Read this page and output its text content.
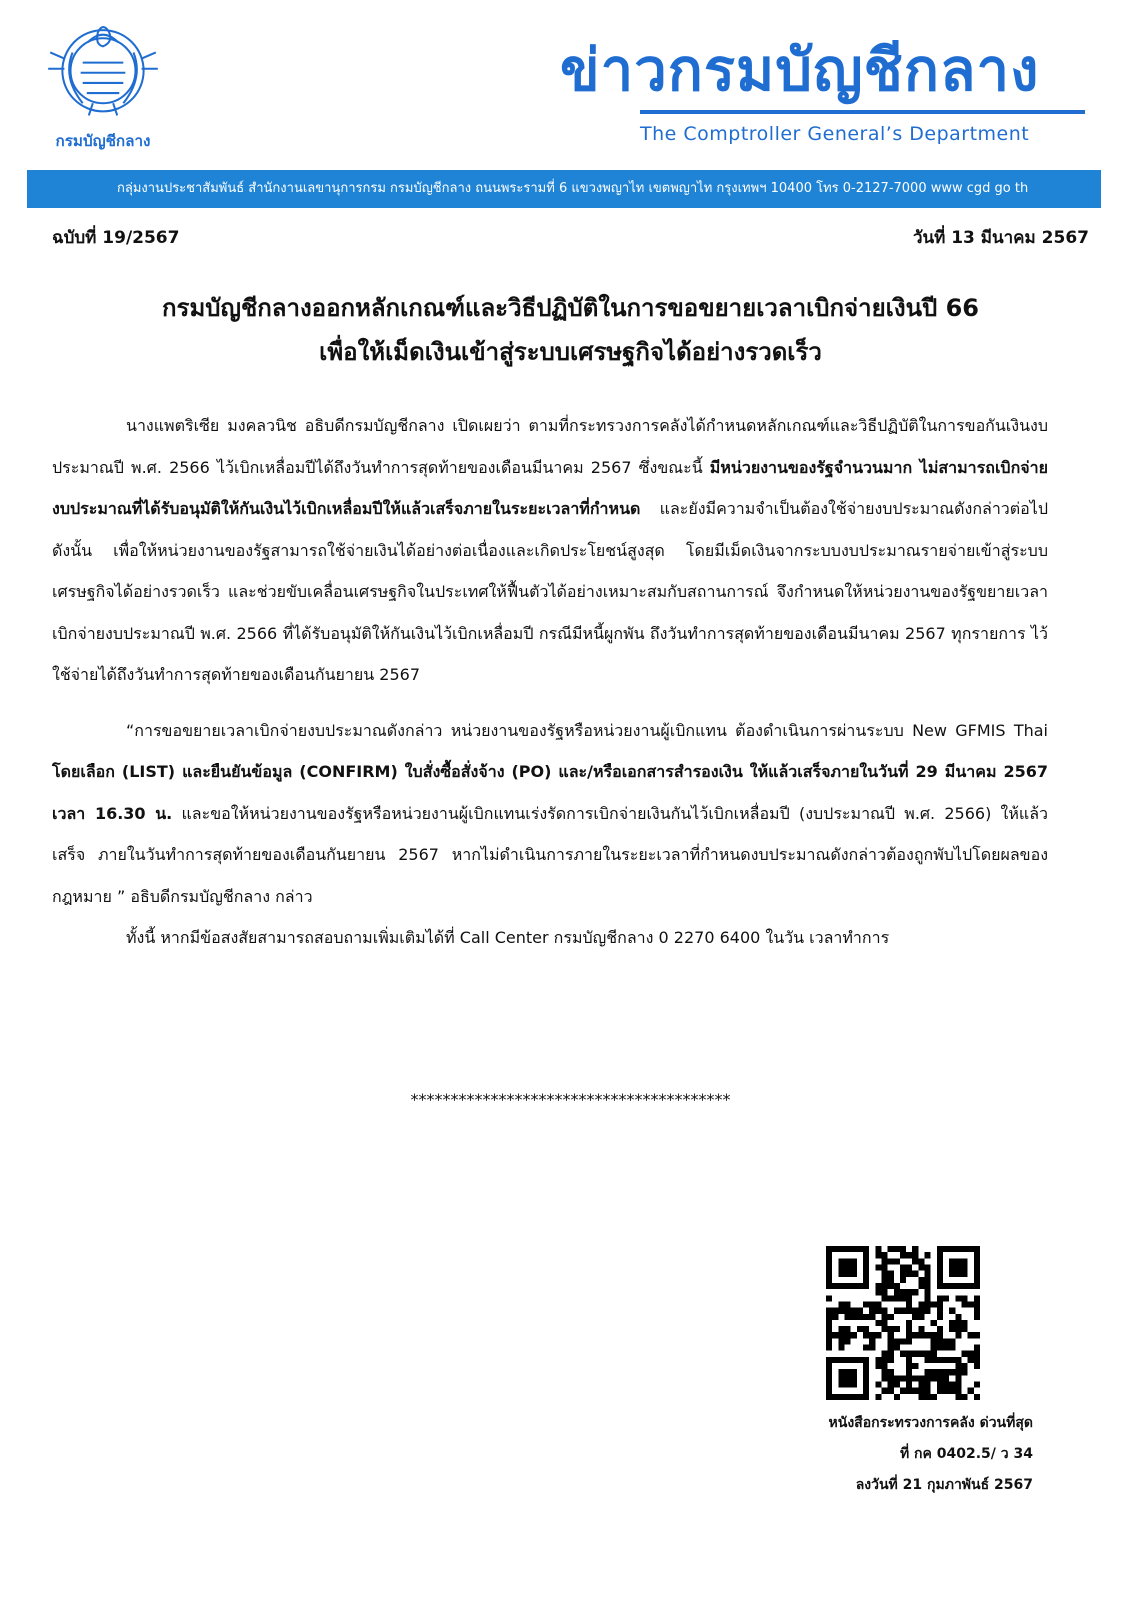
กรมบัญชีกลาง
ข่าวกรมบัญชีกลาง
The Comptroller General’s Department
กลุ่มงานประชาสัมพันธ์ สำนักงานเลขานุการกรม กรมบัญชีกลาง ถนนพระรามที่ 6 แขวงพญาไท เขตพญาไท กรุงเทพฯ 10400 โทร 0-2127-7000 www cgd go th
ฉบับที่ 19/2567	วันที่ 13 มีนาคม 2567
กรมบัญชีกลางออกหลักเกณฑ์และวิธีปฏิบัติในการขอขยายเวลาเบิกจ่ายเงินปี 66
เพื่อให้เม็ดเงินเข้าสู่ระบบเศรษฐกิจได้อย่างรวดเร็ว

นางแพตริเซีย มงคลวนิช อธิบดีกรมบัญชีกลาง เปิดเผยว่า ตามที่กระทรวงการคลังได้กำหนดหลักเกณฑ์และวิธีปฏิบัติในการขอกันเงินงบประมาณปี พ.ศ. 2566 ไว้เบิกเหลื่อมปีได้ถึงวันทำการสุดท้ายของเดือนมีนาคม 2567 ซึ่งขณะนี้ มีหน่วยงานของรัฐจำนวนมาก ไม่สามารถเบิกจ่ายงบประมาณที่ได้รับอนุมัติให้กันเงินไว้เบิกเหลื่อมปีให้แล้วเสร็จภายในระยะเวลาที่กำหนด และยังมีความจำเป็นต้องใช้จ่ายงบประมาณดังกล่าวต่อไป ดังนั้น เพื่อให้หน่วยงานของรัฐสามารถใช้จ่ายเงินได้อย่างต่อเนื่องและเกิดประโยชน์สูงสุด โดยมีเม็ดเงินจากระบบงบประมาณรายจ่ายเข้าสู่ระบบเศรษฐกิจได้อย่างรวดเร็ว และช่วยขับเคลื่อนเศรษฐกิจในประเทศให้ฟื้นตัวได้อย่างเหมาะสมกับสถานการณ์ จึงกำหนดให้หน่วยงานของรัฐขยายเวลาเบิกจ่ายงบประมาณปี พ.ศ. 2566 ที่ได้รับอนุมัติให้กันเงินไว้เบิกเหลื่อมปี กรณีมีหนี้ผูกพัน ถึงวันทำการสุดท้ายของเดือนมีนาคม 2567 ทุกรายการ ไว้ใช้จ่ายได้ถึงวันทำการสุดท้ายของเดือนกันยายน 2567

“การขอขยายเวลาเบิกจ่ายงบประมาณดังกล่าว หน่วยงานของรัฐหรือหน่วยงานผู้เบิกแทน ต้องดำเนินการผ่านระบบ New GFMIS Thai โดยเลือก (LIST) และยืนยันข้อมูล (CONFIRM) ใบสั่งซื้อสั่งจ้าง (PO) และ/หรือเอกสารสำรองเงิน ให้แล้วเสร็จภายในวันที่ 29 มีนาคม 2567 เวลา 16.30 น. และขอให้หน่วยงานของรัฐหรือหน่วยงานผู้เบิกแทนเร่งรัดการเบิกจ่ายเงินกันไว้เบิกเหลื่อมปี (งบประมาณปี พ.ศ. 2566) ให้แล้วเสร็จ ภายในวันทำการสุดท้ายของเดือนกันยายน 2567 หากไม่ดำเนินการภายในระยะเวลาที่กำหนดงบประมาณดังกล่าวต้องถูกพับไปโดยผลของกฎหมาย ” อธิบดีกรมบัญชีกลาง กล่าว

ทั้งนี้ หากมีข้อสงสัยสามารถสอบถามเพิ่มเติมได้ที่ Call Center กรมบัญชีกลาง 0 2270 6400 ในวัน เวลาทำการ

****************************************
หนังสือกระทรวงการคลัง ด่วนที่สุด
ที่ กค 0402.5/ ว 34
ลงวันที่ 21 กุมภาพันธ์ 2567
